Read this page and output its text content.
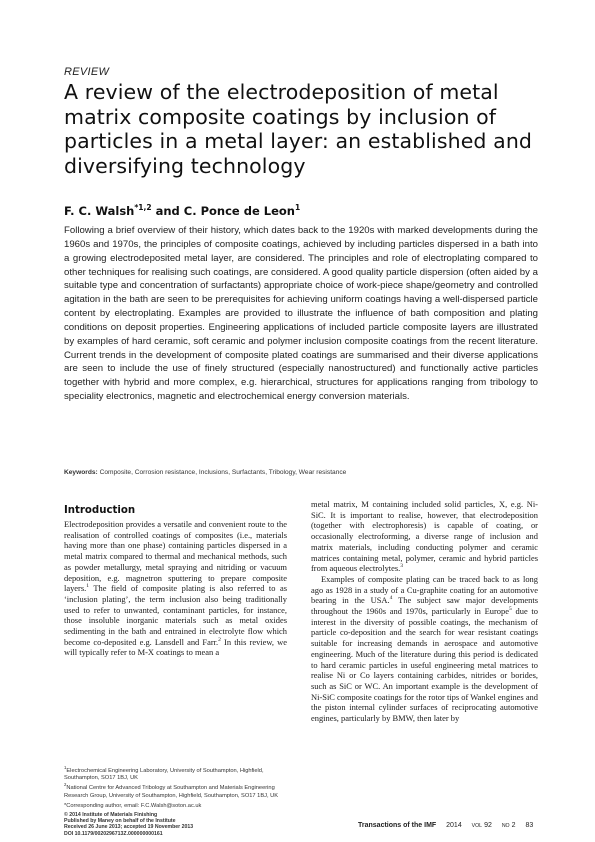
REVIEW
A review of the electrodeposition of metal matrix composite coatings by inclusion of particles in a metal layer: an established and diversifying technology
F. C. Walsh$^{*1,2}$ and C. Ponce de Leon$^1$
Following a brief overview of their history, which dates back to the 1920s with marked developments during the 1960s and 1970s, the principles of composite coatings, achieved by including particles dispersed in a bath into a growing electrodeposited metal layer, are considered. The principles and role of electroplating compared to other techniques for realising such coatings, are considered. A good quality particle dispersion (often aided by a suitable type and concentration of surfactants) appropriate choice of work-piece shape/geometry and controlled agitation in the bath are seen to be prerequisites for achieving uniform coatings having a well-dispersed particle content by electroplating. Examples are provided to illustrate the influence of bath composition and plating conditions on deposit properties. Engineering applications of included particle composite layers are illustrated by examples of hard ceramic, soft ceramic and polymer inclusion composite coatings from the recent literature. Current trends in the development of composite plated coatings are summarised and their diverse applications are seen to include the use of finely structured (especially nanostructured) and functionally active particles together with hybrid and more complex, e.g. hierarchical, structures for applications ranging from tribology to speciality electronics, magnetic and electrochemical energy conversion materials.
Keywords: Composite, Corrosion resistance, Inclusions, Surfactants, Tribology, Wear resistance
Introduction

Electrodeposition provides a versatile and convenient route to the realisation of controlled coatings of composites (i.e., materials having more than one phase) containing particles dispersed in a metal matrix compared to thermal and mechanical methods, such as powder metallurgy, metal spraying and nitriding or vacuum deposition, e.g. magnetron sputtering to prepare composite layers.$^1$ The field of composite plating is also referred to as ‘inclusion plating’, the term inclusion also being traditionally used to refer to unwanted, contaminant particles, for instance, those insoluble inorganic materials such as metal oxides sedimenting in the bath and entrained in electrolyte flow which become co-deposited e.g. Lansdell and Farr.$^2$ In this review, we will typically refer to M-X coatings to mean a

metal matrix, M containing included solid particles, X, e.g. Ni-SiC. It is important to realise, however, that electrodeposition (together with electrophoresis) is capable of coating, or occasionally electroforming, a diverse range of inclusion and matrix materials, including conducting polymer and ceramic matrices containing metal, polymer, ceramic and hybrid particles from aqueous electrolytes.$^3$

Examples of composite plating can be traced back to as long ago as 1928 in a study of a Cu-graphite coating for an automotive bearing in the USA.$^4$ The subject saw major developments throughout the 1960s and 1970s, particularly in Europe$^5$ due to interest in the diversity of possible coatings, the mechanism of particle co-deposition and the search for wear resistant coatings suitable for increasing demands in aerospace and automotive engineering. Much of the literature during this period is dedicated to hard ceramic particles in useful engineering metal matrices to realise Ni or Co layers containing carbides, nitrides or borides, such as SiC or WC. An important example is the development of Ni-SiC composite coatings for the rotor tips of Wankel engines and the piston internal cylinder surfaces of reciprocating automotive engines, particularly by BMW, then later by

$^1$Electrochemical Engineering Laboratory, University of Southampton, Highfield, Southampton, SO17 1BJ, UK

$^2$National Centre for Advanced Tribology at Southampton and Materials Engineering Research Group, University of Southampton, Highfield, Southampton, SO17 1BJ, UK

*Corresponding author, email: F.C.Walsh@soton.ac.uk

© 2014 Institute of Materials Finishing
Published by Maney on behalf of the Institute
Received 26 June 2013; accepted 19 November 2013
DOI 10.1179/0020296713Z.000000000161
Transactions of the IMF 2014 VOL 92 NO 2 83
